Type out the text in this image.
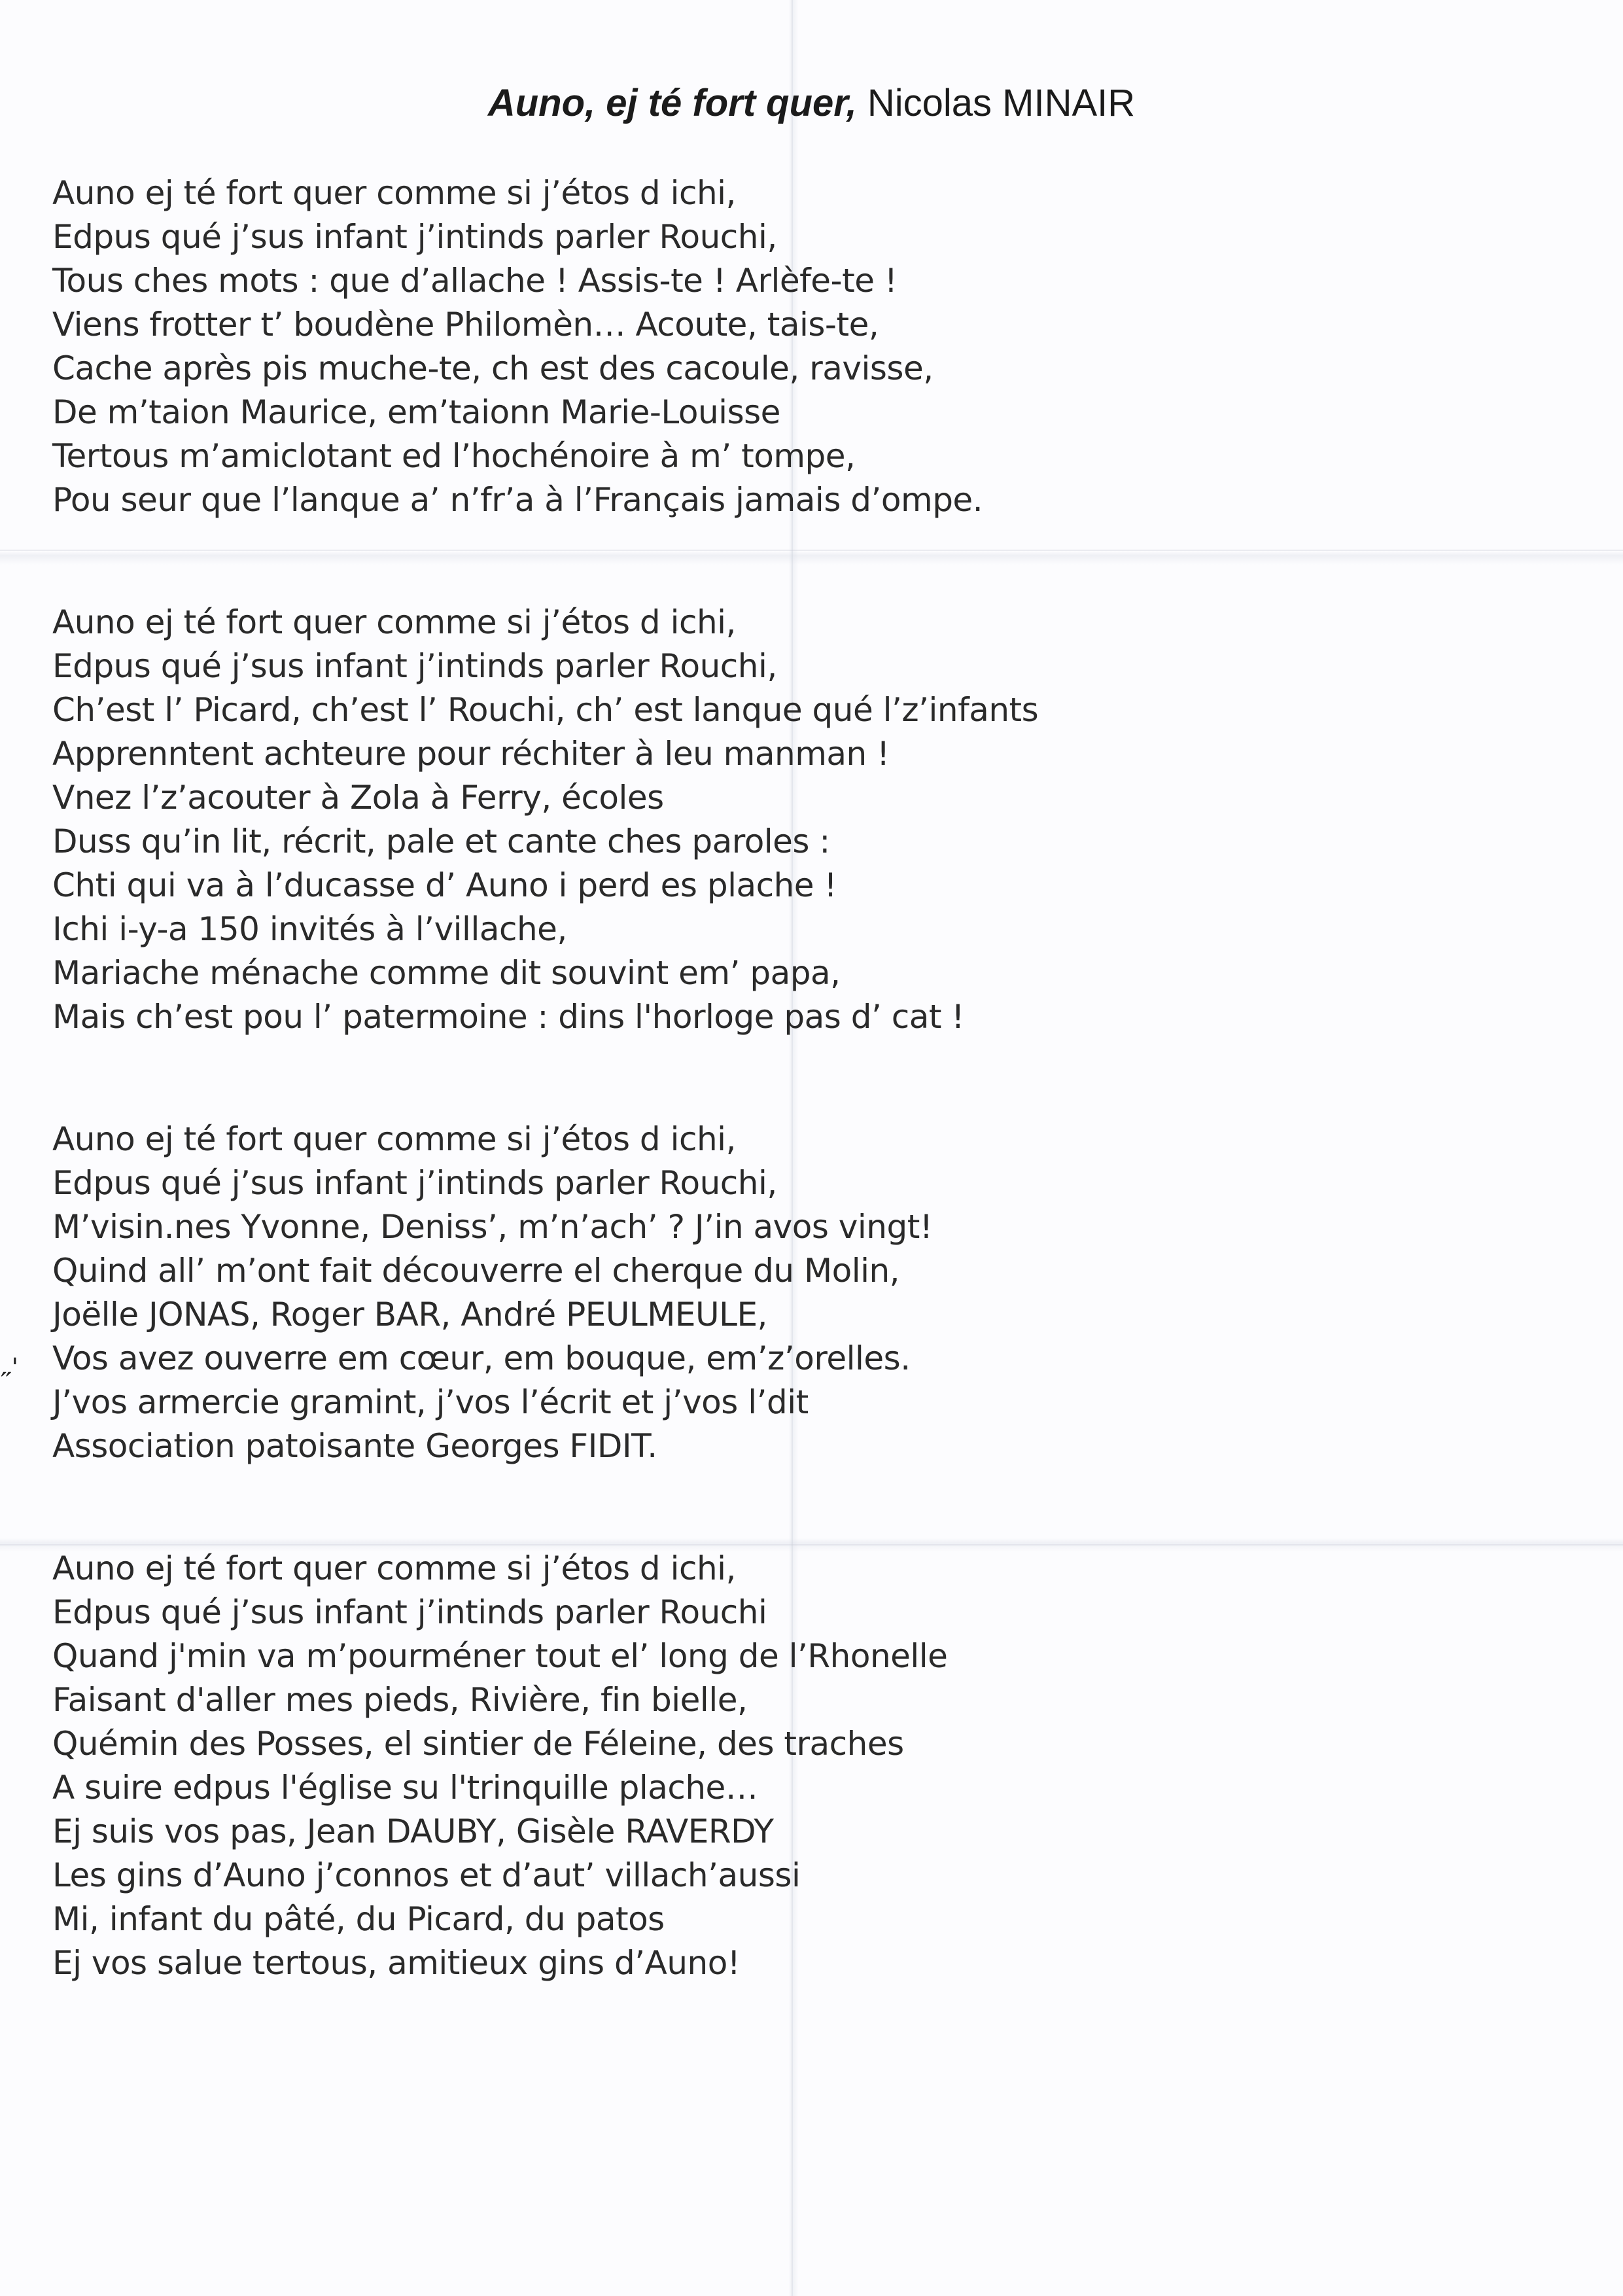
Auno, ej té fort quer, Nicolas MINAIR
˶ˈ
Auno ej té fort quer comme si j’étos d ichi,
Edpus qué j’sus infant j’intinds parler Rouchi,
Tous ches mots : que d’allache ! Assis-te ! Arlèfe-te !
Viens frotter t’ boudène Philomèn… Acoute, tais-te,
Cache après pis muche-te, ch est des cacoule, ravisse,
De m’taion Maurice, em’taionn Marie-Louisse
Tertous m’amiclotant ed l’hochénoire à m’ tompe,
Pou seur que l’lanque a’ n’fr’a à l’Français jamais d’ompe.
Auno ej té fort quer comme si j’étos d ichi,
Edpus qué j’sus infant j’intinds parler Rouchi,
Ch’est l’ Picard, ch’est l’ Rouchi, ch’ est lanque qué l’z’infants
Apprenntent achteure pour réchiter à leu manman !
Vnez l’z’acouter à Zola à Ferry, écoles
Duss qu’in lit, récrit, pale et cante ches paroles :
Chti qui va à l’ducasse d’ Auno i perd es plache !
Ichi i-y-a 150 invités à l’villache,
Mariache ménache comme dit souvint em’ papa,
Mais ch’est pou l’ patermoine : dins l'horloge pas d’ cat !
Auno ej té fort quer comme si j’étos d ichi,
Edpus qué j’sus infant j’intinds parler Rouchi,
M’visin.nes Yvonne, Deniss’, m’n’ach’ ? J’in avos vingt!
Quind all’ m’ont fait découverre el cherque du Molin,
Joëlle JONAS, Roger BAR, André PEULMEULE,
Vos avez ouverre em cœur, em bouque, em’z’orelles.
J’vos armercie gramint, j’vos l’écrit et j’vos l’dit
Association patoisante Georges FIDIT.
Auno ej té fort quer comme si j’étos d ichi,
Edpus qué j’sus infant j’intinds parler Rouchi
Quand j'min va m’pourméner tout el’ long de l’Rhonelle
Faisant d'aller mes pieds, Rivière, fin bielle,
Quémin des Posses, el sintier de Féleine, des traches
A suire edpus l'église su l'trinquille plache…
Ej suis vos pas, Jean DAUBY, Gisèle RAVERDY
Les gins d’Auno j’connos et d’aut’ villach’aussi
Mi, infant du pâté, du Picard, du patos
Ej vos salue tertous, amitieux gins d’Auno!
